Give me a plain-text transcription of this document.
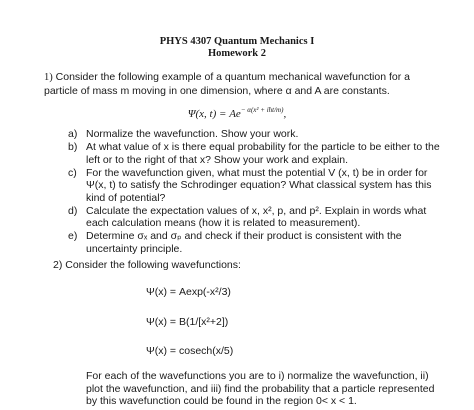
PHYS 4307 Quantum Mechanics I
Homework 2
1) Consider the following example of a quantum mechanical wavefunction for a particle of mass m moving in one dimension, where α and A are constants.
Ψ(x, $t) = Ae^{- \alpha(x^2 + iħt/m)}$,
a) Normalize the wavefunction. Show your work.
b) At what value of x is there equal probability for the particle to be either to the left or to the right of that x? Show your work and explain.
c) For the wavefunction given, what must the potential V (x, t) be in order for Ψ(x, t) to satisfy the Schrodinger equation? What classical system has this kind of potential?
d) Calculate the expectation values of x, x², p, and p². Explain in words what each calculation means (how it is related to measurement).
e) Determine σₓ and σₚ and check if their product is consistent with the uncertainty principle.
2) Consider the following wavefunctions:
Ψ(x) = Aexp(-x²/3)
Ψ(x) = B(1/[x²+2])
Ψ(x) = cosech(x/5)
For each of the wavefunctions you are to i) normalize the wavefunction, ii) plot the wavefunction, and iii) find the probability that a particle represented by this wavefunction could be found in the region 0< x < 1.
